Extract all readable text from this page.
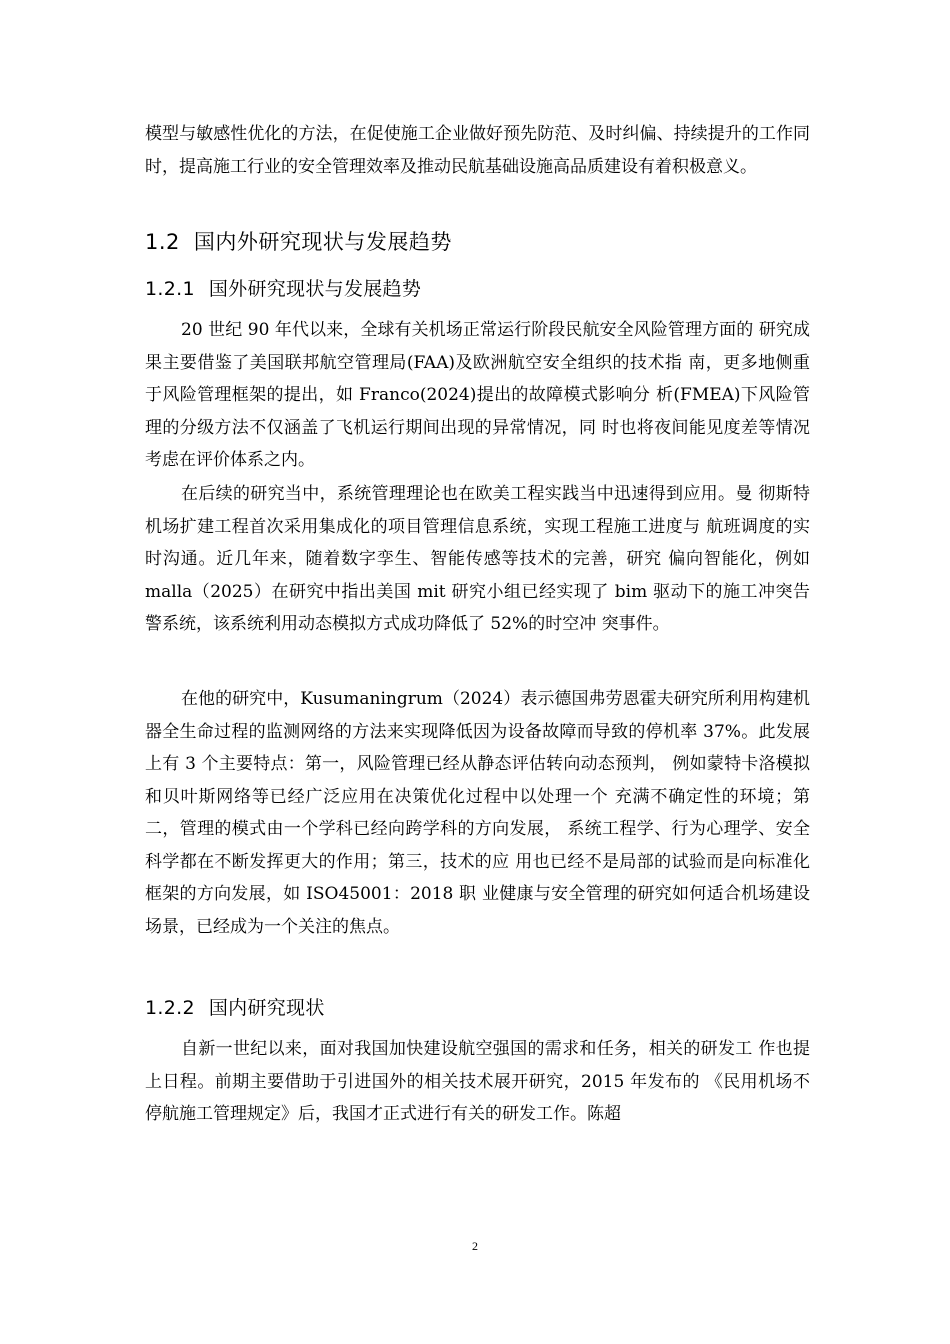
模型与敏感性优化的方法，在促使施工企业做好预先防范、及时纠偏、持续提升的工作同时，提高施工行业的安全管理效率及推动民航基础设施高品质建设有着积极意义。

1.2 国内外研究现状与发展趋势
1.2.1 国外研究现状与发展趋势

20 世纪 90 年代以来，全球有关机场正常运行阶段民航安全风险管理方面的 研究成果主要借鉴了美国联邦航空管理局(FAA)及欧洲航空安全组织的技术指 南，更多地侧重于风险管理框架的提出，如 Franco(2024)提出的故障模式影响分 析(FMEA)下风险管理的分级方法不仅涵盖了飞机运行期间出现的异常情况，同 时也将夜间能见度差等情况考虑在评价体系之内。

在后续的研究当中，系统管理理论也在欧美工程实践当中迅速得到应用。曼 彻斯特机场扩建工程首次采用集成化的项目管理信息系统，实现工程施工进度与 航班调度的实时沟通。近几年来，随着数字孪生、智能传感等技术的完善，研究 偏向智能化，例如 malla（2025）在研究中指出美国 mit 研究小组已经实现了 bim 驱动下的施工冲突告警系统，该系统利用动态模拟方式成功降低了 52%的时空冲 突事件。

在他的研究中，Kusumaningrum（2024）表示德国弗劳恩霍夫研究所利用构建机器全生命过程的监测网络的方法来实现降低因为设备故障而导致的停机率 37%。此发展上有 3 个主要特点：第一，风险管理已经从静态评估转向动态预判， 例如蒙特卡洛模拟和贝叶斯网络等已经广泛应用在决策优化过程中以处理一个 充满不确定性的环境；第二，管理的模式由一个学科已经向跨学科的方向发展， 系统工程学、行为心理学、安全科学都在不断发挥更大的作用；第三，技术的应 用也已经不是局部的试验而是向标准化框架的方向发展，如 ISO45001：2018 职 业健康与安全管理的研究如何适合机场建设场景，已经成为一个关注的焦点。

1.2.2 国内研究现状

自新一世纪以来，面对我国加快建设航空强国的需求和任务，相关的研发工 作也提上日程。前期主要借助于引进国外的相关技术展开研究，2015 年发布的 《民用机场不停航施工管理规定》后，我国才正式进行有关的研发工作。陈超

2
